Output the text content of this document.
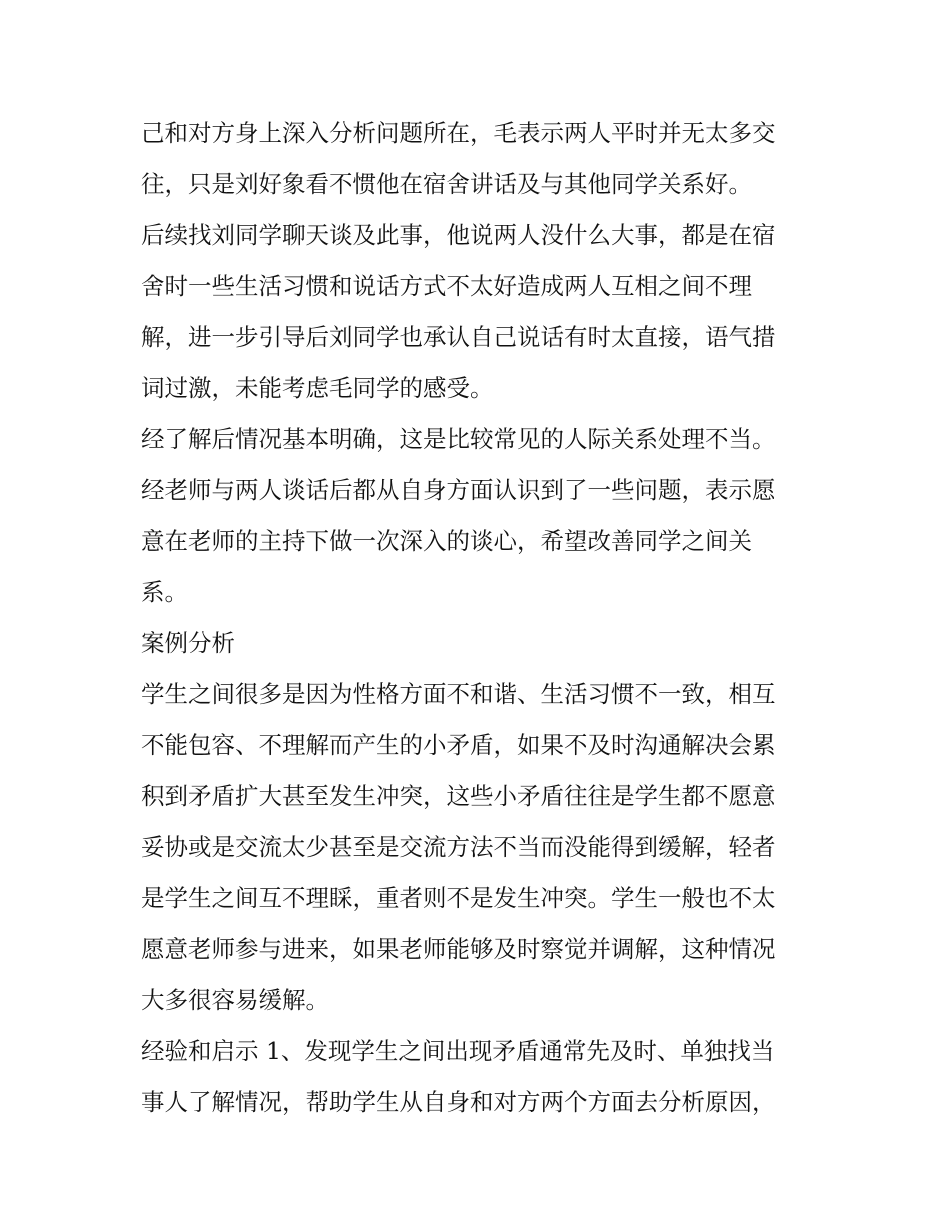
己和对方身上深入分析问题所在，毛表示两人平时并无太多交
往，只是刘好象看不惯他在宿舍讲话及与其他同学关系好。
后续找刘同学聊天谈及此事，他说两人没什么大事，都是在宿
舍时一些生活习惯和说话方式不太好造成两人互相之间不理
解，进一步引导后刘同学也承认自己说话有时太直接，语气措
词过激，未能考虑毛同学的感受。
经了解后情况基本明确，这是比较常见的人际关系处理不当。
经老师与两人谈话后都从自身方面认识到了一些问题，表示愿
意在老师的主持下做一次深入的谈心，希望改善同学之间关
系。
案例分析
学生之间很多是因为性格方面不和谐、生活习惯不一致，相互
不能包容、不理解而产生的小矛盾，如果不及时沟通解决会累
积到矛盾扩大甚至发生冲突，这些小矛盾往往是学生都不愿意
妥协或是交流太少甚至是交流方法不当而没能得到缓解，轻者
是学生之间互不理睬，重者则不是发生冲突。学生一般也不太
愿意老师参与进来，如果老师能够及时察觉并调解，这种情况
大多很容易缓解。
经验和启示 1、发现学生之间出现矛盾通常先及时、单独找当
事人了解情况，帮助学生从自身和对方两个方面去分析原因，
